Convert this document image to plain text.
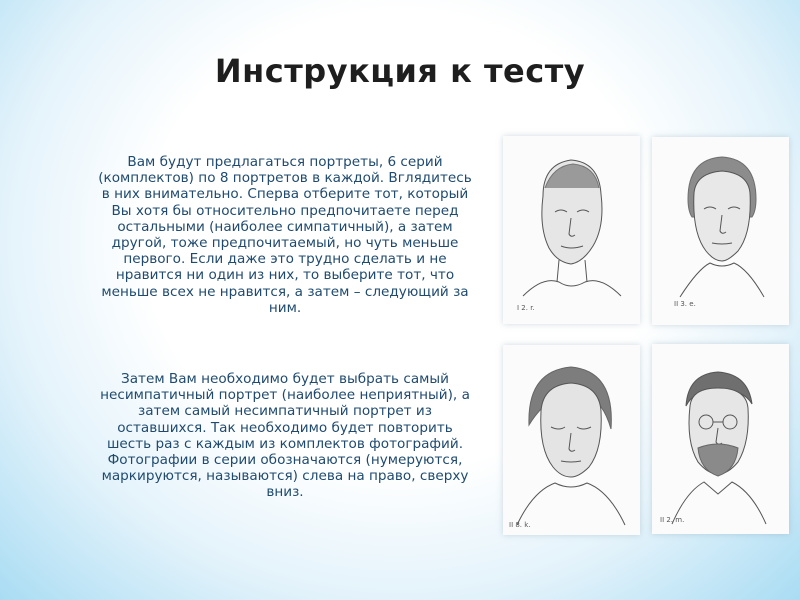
Инструкция к тесту
Вам будут предлагаться портреты, 6 серий (комплектов) по 8 портретов в каждой. Вглядитесь в них внимательно. Сперва отберите тот, который Вы хотя бы относительно предпочитаете перед остальными (наиболее симпатичный), а затем другой, тоже предпочитаемый, но чуть меньше первого. Если даже это трудно сделать и не нравится ни один из них, то выберите тот, что меньше всех не нравится, а затем – следующий за ним.
Затем Вам необходимо будет выбрать самый несимпатичный портрет (наиболее неприятный), а затем самый несимпатичный портрет из оставшихся. Так необходимо будет повторить шесть раз с каждым из комплектов фотографий. Фотографии в серии обозначаются (нумеруются, маркируются, называются) слева на право, сверху вниз.
I 2. r.	II 3. e.
II 8. k.
II 2. m.
